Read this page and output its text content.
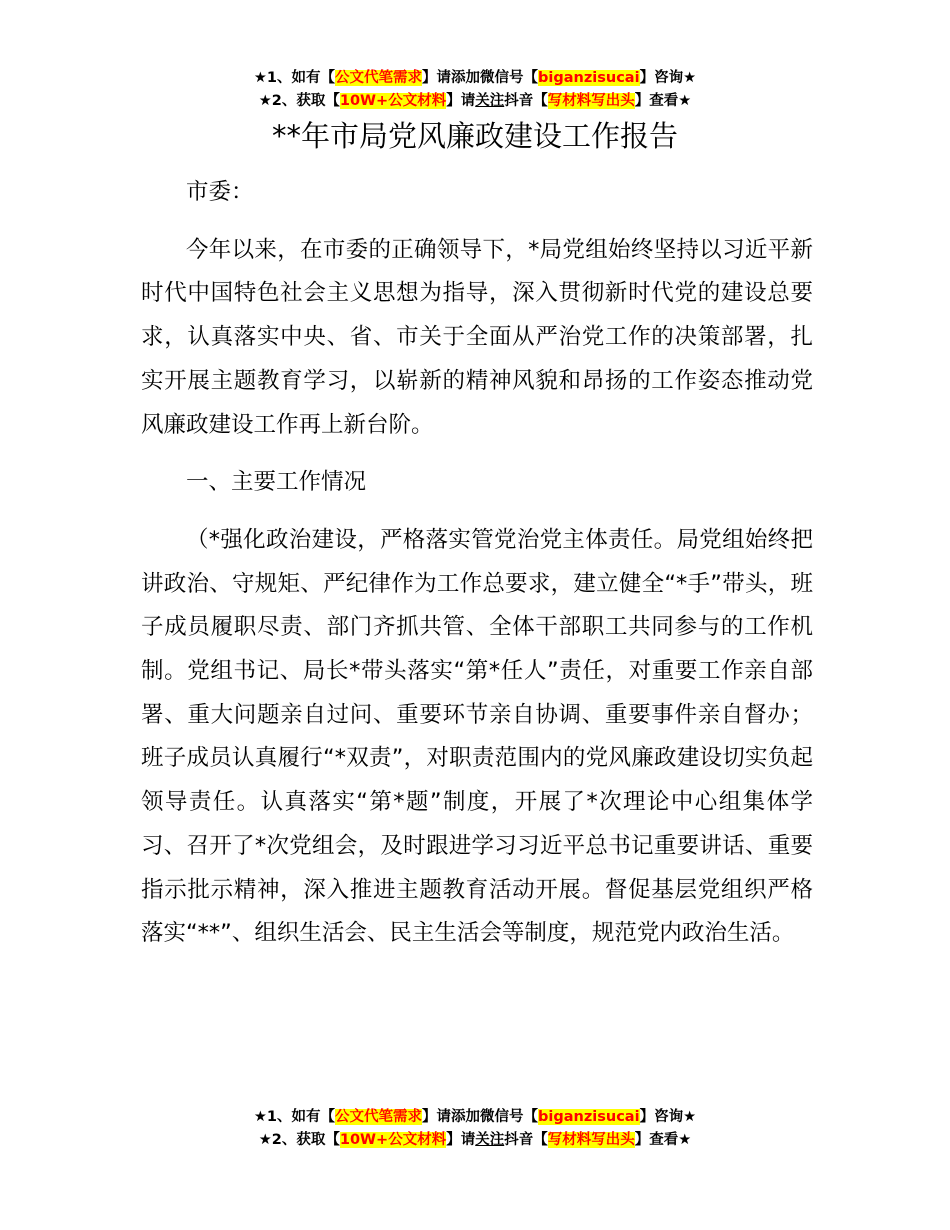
★1、如有【公文代笔需求】请添加微信号【biganzisucai】咨询★
★2、获取【10W+公文材料】请关注抖音【写材料写出头】查看★
**年市局党风廉政建设工作报告

市委：

今年以来，在市委的正确领导下，*局党组始终坚持以习近平新时代中国特色社会主义思想为指导，深入贯彻新时代党的建设总要求，认真落实中央、省、市关于全面从严治党工作的决策部署，扎实开展主题教育学习，以崭新的精神风貌和昂扬的工作姿态推动党风廉政建设工作再上新台阶。

一、主要工作情况

（*强化政治建设，严格落实管党治党主体责任。局党组始终把讲政治、守规矩、严纪律作为工作总要求，建立健全“*手”带头，班子成员履职尽责、部门齐抓共管、全体干部职工共同参与的工作机制。党组书记、局长*带头落实“第*任人”责任，对重要工作亲自部署、重大问题亲自过问、重要环节亲自协调、重要事件亲自督办；班子成员认真履行“*双责”，对职责范围内的党风廉政建设切实负起领导责任。认真落实“第*题”制度，开展了*次理论中心组集体学习、召开了*次党组会，及时跟进学习习近平总书记重要讲话、重要指示批示精神，深入推进主题教育活动开展。督促基层党组织严格落实“**”、组织生活会、民主生活会等制度，规范党内政治生活。

★1、如有【公文代笔需求】请添加微信号【biganzisucai】咨询★
★2、获取【10W+公文材料】请关注抖音【写材料写出头】查看★
